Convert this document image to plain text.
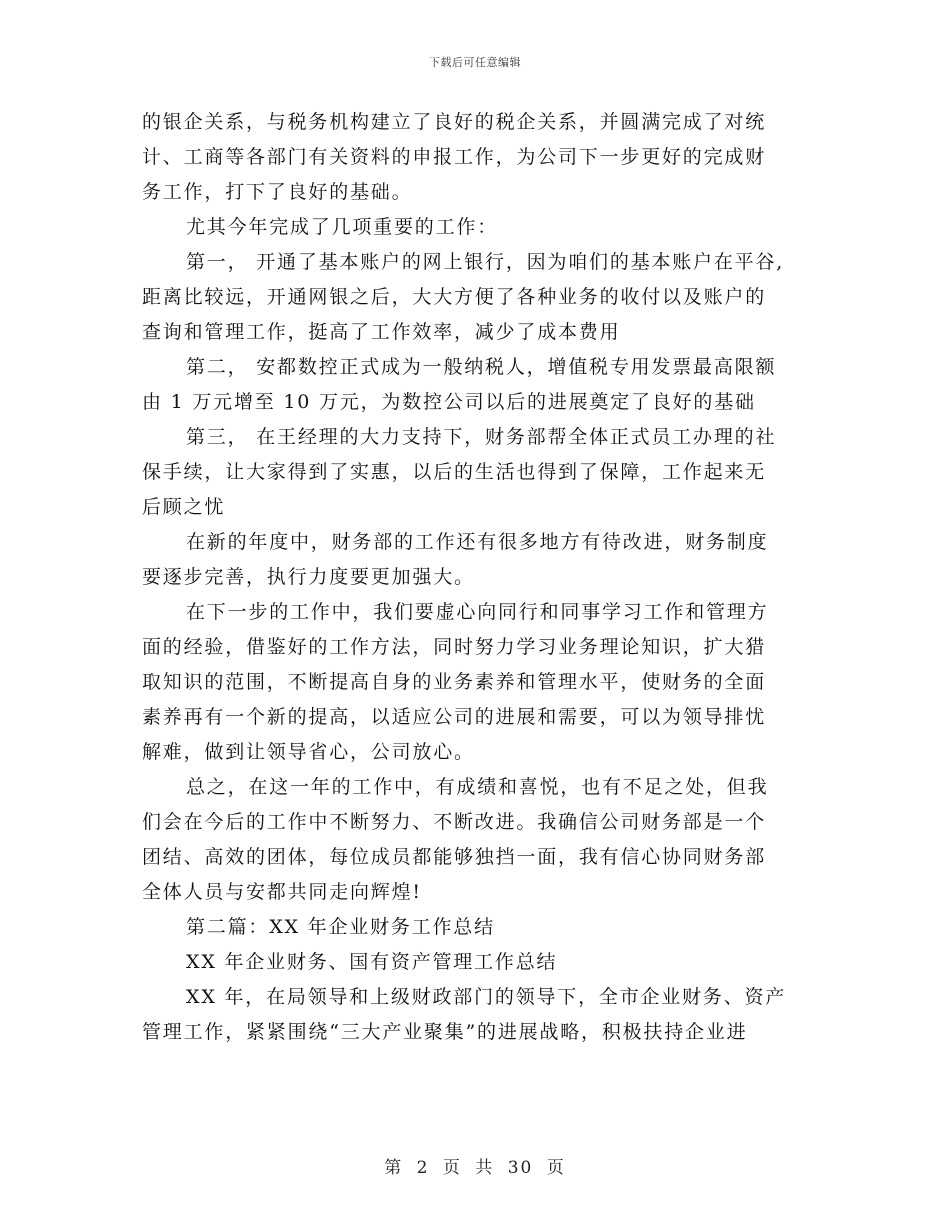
下载后可任意编辑
的银企关系，与税务机构建立了良好的税企关系，并圆满完成了对统
计、工商等各部门有关资料的申报工作，为公司下一步更好的完成财
务工作，打下了良好的基础。
尤其今年完成了几项重要的工作：
第一， 开通了基本账户的网上银行，因为咱们的基本账户在平谷,
距离比较远，开通网银之后，大大方便了各种业务的收付以及账户的
查询和管理工作，挺高了工作效率，减少了成本费用
第二， 安都数控正式成为一般纳税人，增值税专用发票最高限额
由 1 万元增至 10 万元，为数控公司以后的进展奠定了良好的基础
第三， 在王经理的大力支持下，财务部帮全体正式员工办理的社
保手续，让大家得到了实惠，以后的生活也得到了保障，工作起来无
后顾之忧
在新的年度中，财务部的工作还有很多地方有待改进，财务制度
要逐步完善，执行力度要更加强大。
在下一步的工作中，我们要虚心向同行和同事学习工作和管理方
面的经验，借鉴好的工作方法，同时努力学习业务理论知识，扩大猎
取知识的范围，不断提高自身的业务素养和管理水平，使财务的全面
素养再有一个新的提高，以适应公司的进展和需要，可以为领导排忧
解难，做到让领导省心，公司放心。
总之，在这一年的工作中，有成绩和喜悦，也有不足之处，但我
们会在今后的工作中不断努力、不断改进。我确信公司财务部是一个
团结、高效的团体，每位成员都能够独挡一面，我有信心协同财务部
全体人员与安都共同走向辉煌!
第二篇：XX 年企业财务工作总结
XX 年企业财务、国有资产管理工作总结
XX 年，在局领导和上级财政部门的领导下，全市企业财务、资产
管理工作，紧紧围绕“三大产业聚集”的进展战略，积极扶持企业进
第 2 页 共 30 页
